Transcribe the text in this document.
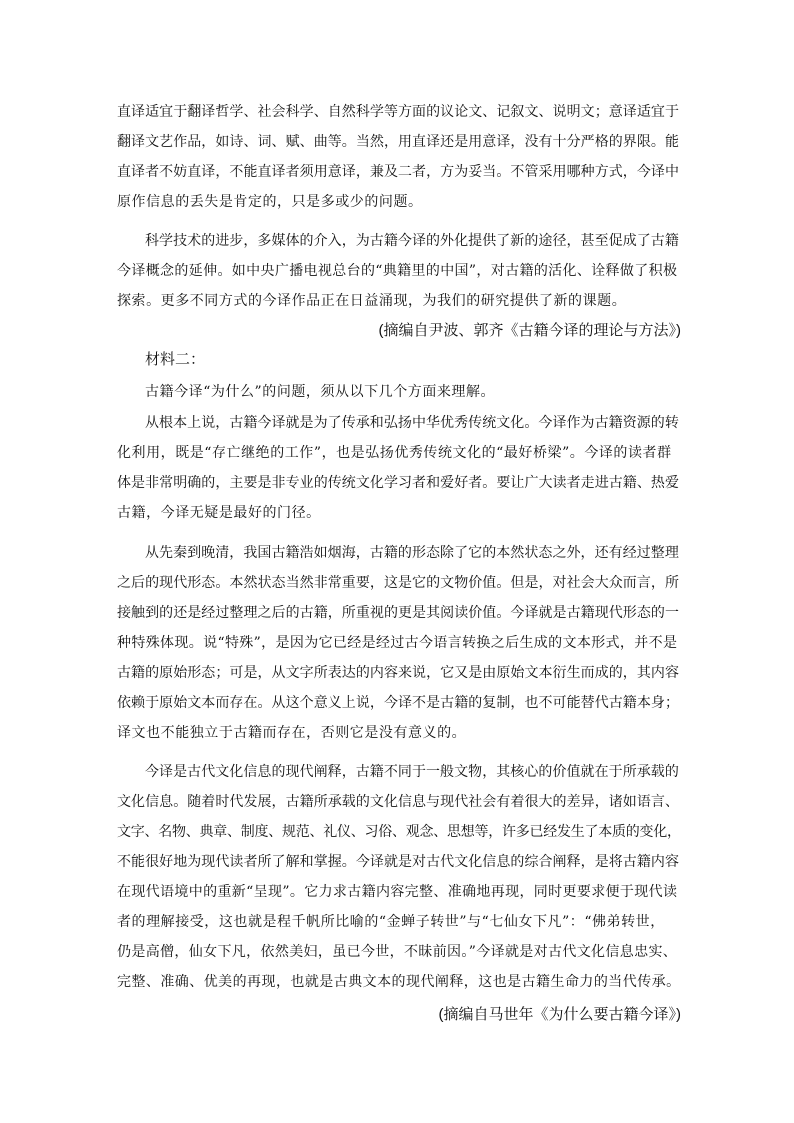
直译适宜于翻译哲学、社会科学、自然科学等方面的议论文、记叙文、说明文；意译适宜于
翻译文艺作品，如诗、词、赋、曲等。当然，用直译还是用意译，没有十分严格的界限。能
直译者不妨直译，不能直译者须用意译，兼及二者，方为妥当。不管采用哪种方式，今译中
原作信息的丢失是肯定的，只是多或少的问题。
科学技术的进步，多媒体的介入，为古籍今译的外化提供了新的途径，甚至促成了古籍
今译概念的延伸。如中央广播电视总台的“典籍里的中国”，对古籍的活化、诠释做了积极
探索。更多不同方式的今译作品正在日益涌现，为我们的研究提供了新的课题。
(摘编自尹波、郭齐《古籍今译的理论与方法》)
材料二：
古籍今译“为什么”的问题，须从以下几个方面来理解。
从根本上说，古籍今译就是为了传承和弘扬中华优秀传统文化。今译作为古籍资源的转
化利用，既是“存亡继绝的工作”，也是弘扬优秀传统文化的“最好桥梁”。今译的读者群
体是非常明确的，主要是非专业的传统文化学习者和爱好者。要让广大读者走进古籍、热爱
古籍，今译无疑是最好的门径。
从先秦到晚清，我国古籍浩如烟海，古籍的形态除了它的本然状态之外，还有经过整理
之后的现代形态。本然状态当然非常重要，这是它的文物价值。但是，对社会大众而言，所
接触到的还是经过整理之后的古籍，所重视的更是其阅读价值。今译就是古籍现代形态的一
种特殊体现。说“特殊”，是因为它已经是经过古今语言转换之后生成的文本形式，并不是
古籍的原始形态；可是，从文字所表达的内容来说，它又是由原始文本衍生而成的，其内容
依赖于原始文本而存在。从这个意义上说，今译不是古籍的复制，也不可能替代古籍本身；
译文也不能独立于古籍而存在，否则它是没有意义的。
今译是古代文化信息的现代阐释，古籍不同于一般文物，其核心的价值就在于所承载的
文化信息。随着时代发展，古籍所承载的文化信息与现代社会有着很大的差异，诸如语言、
文字、名物、典章、制度、规范、礼仪、习俗、观念、思想等，许多已经发生了本质的变化，
不能很好地为现代读者所了解和掌握。今译就是对古代文化信息的综合阐释，是将古籍内容
在现代语境中的重新“呈现”。它力求古籍内容完整、准确地再现，同时更要求便于现代读
者的理解接受，这也就是程千帆所比喻的“金蝉子转世”与“七仙女下凡”：“佛弟转世，
仍是高僧，仙女下凡，依然美妇，虽已今世，不昧前因。”今译就是对古代文化信息忠实、
完整、准确、优美的再现，也就是古典文本的现代阐释，这也是古籍生命力的当代传承。
(摘编自马世年《为什么要古籍今译》)
